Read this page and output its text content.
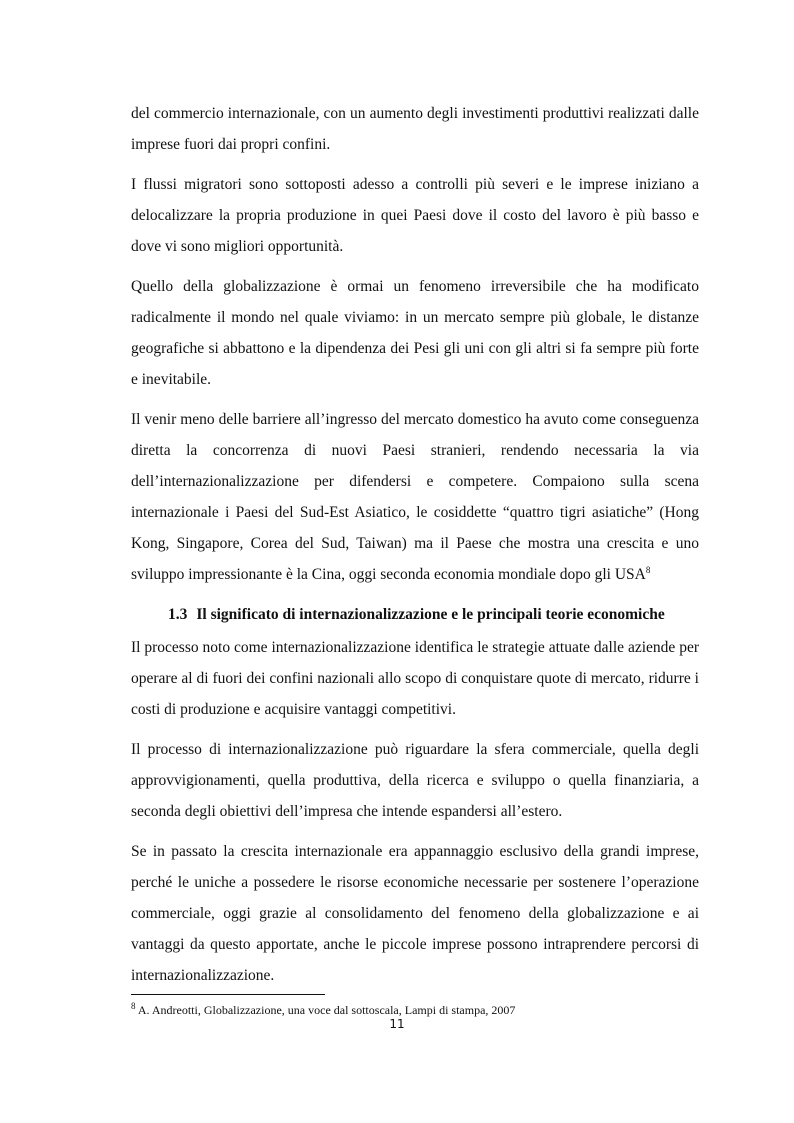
del commercio internazionale, con un aumento degli investimenti produttivi realizzati dalle imprese fuori dai propri confini.

I flussi migratori sono sottoposti adesso a controlli più severi e le imprese iniziano a delocalizzare la propria produzione in quei Paesi dove il costo del lavoro è più basso e dove vi sono migliori opportunità.

Quello della globalizzazione è ormai un fenomeno irreversibile che ha modificato radicalmente il mondo nel quale viviamo: in un mercato sempre più globale, le distanze geografiche si abbattono e la dipendenza dei Pesi gli uni con gli altri si fa sempre più forte e inevitabile.

Il venir meno delle barriere all’ingresso del mercato domestico ha avuto come conseguenza diretta la concorrenza di nuovi Paesi stranieri, rendendo necessaria la via dell’internazionalizzazione per difendersi e competere. Compaiono sulla scena internazionale i Paesi del Sud-Est Asiatico, le cosiddette “quattro tigri asiatiche” (Hong Kong, Singapore, Corea del Sud, Taiwan) ma il Paese che mostra una crescita e uno sviluppo impressionante è la Cina, oggi seconda economia mondiale dopo gli USA$^8$

1.3 Il significato di internazionalizzazione e le principali teorie economiche

Il processo noto come internazionalizzazione identifica le strategie attuate dalle aziende per operare al di fuori dei confini nazionali allo scopo di conquistare quote di mercato, ridurre i costi di produzione e acquisire vantaggi competitivi.

Il processo di internazionalizzazione può riguardare la sfera commerciale, quella degli approvvigionamenti, quella produttiva, della ricerca e sviluppo o quella finanziaria, a seconda degli obiettivi dell’impresa che intende espandersi all’estero.

Se in passato la crescita internazionale era appannaggio esclusivo della grandi imprese, perché le uniche a possedere le risorse economiche necessarie per sostenere l’operazione commerciale, oggi grazie al consolidamento del fenomeno della globalizzazione e ai vantaggi da questo apportate, anche le piccole imprese possono intraprendere percorsi di internazionalizzazione.

$^8$ A. Andreotti, Globalizzazione, una voce dal sottoscala, Lampi di stampa, 2007
11
